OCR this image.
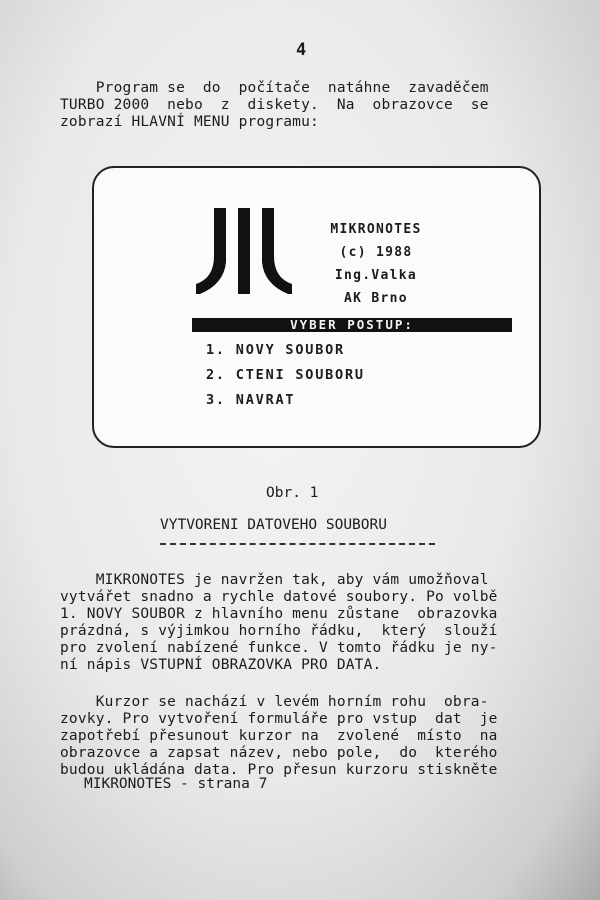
4
Program se  do  počítače  natáhne  zavaděčem
TURBO 2000  nebo  z  diskety.  Na  obrazovce  se
zobrazí HLAVNÍ MENU programu:
MIKRONOTES
(c) 1988
Ing.Valka
AK Brno
VYBER POSTUP:
1. NOVY SOUBOR
2. CTENI SOUBORU
3. NAVRAT
Obr. 1
VYTVORENI DATOVEHO SOUBORU
MIKRONOTES je navržen tak, aby vám umožňoval
vytvářet snadno a rychle datové soubory. Po volbě
1. NOVY SOUBOR z hlavního menu zůstane  obrazovka
prázdná, s výjimkou horního řádku,  který  slouží
pro zvolení nabízené funkce. V tomto řádku je ny-
ní nápis VSTUPNÍ OBRAZOVKA PRO DATA.
Kurzor se nachází v levém horním rohu  obra-
zovky. Pro vytvoření formuláře pro vstup  dat  je
zapotřebí přesunout kurzor na  zvolené  místo  na
obrazovce a zapsat název, nebo pole,  do  kterého
budou ukládána data. Pro přesun kurzoru stiskněte
MIKRONOTES - strana 7
